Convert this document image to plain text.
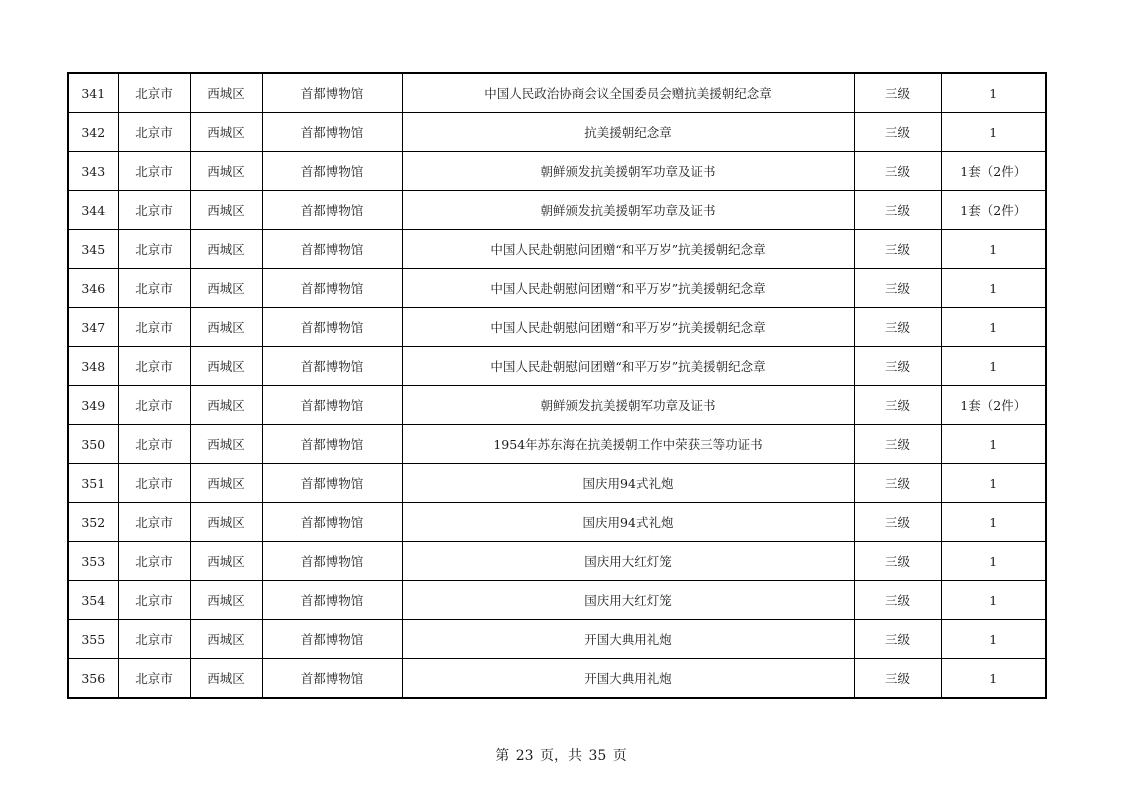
341	北京市	西城区	首都博物馆	中国人民政治协商会议全国委员会赠抗美援朝纪念章	三级	1
342	北京市	西城区	首都博物馆	抗美援朝纪念章	三级	1
343	北京市	西城区	首都博物馆	朝鲜颁发抗美援朝军功章及证书	三级	1套（2件）
344	北京市	西城区	首都博物馆	朝鲜颁发抗美援朝军功章及证书	三级	1套（2件）
345	北京市	西城区	首都博物馆	中国人民赴朝慰问团赠“和平万岁”抗美援朝纪念章	三级	1
346	北京市	西城区	首都博物馆	中国人民赴朝慰问团赠“和平万岁”抗美援朝纪念章	三级	1
347	北京市	西城区	首都博物馆	中国人民赴朝慰问团赠“和平万岁”抗美援朝纪念章	三级	1
348	北京市	西城区	首都博物馆	中国人民赴朝慰问团赠“和平万岁”抗美援朝纪念章	三级	1
349	北京市	西城区	首都博物馆	朝鲜颁发抗美援朝军功章及证书	三级	1套（2件）
350	北京市	西城区	首都博物馆	1954年苏东海在抗美援朝工作中荣获三等功证书	三级	1
351	北京市	西城区	首都博物馆	国庆用94式礼炮	三级	1
352	北京市	西城区	首都博物馆	国庆用94式礼炮	三级	1
353	北京市	西城区	首都博物馆	国庆用大红灯笼	三级	1
354	北京市	西城区	首都博物馆	国庆用大红灯笼	三级	1
355	北京市	西城区	首都博物馆	开国大典用礼炮	三级	1
356	北京市	西城区	首都博物馆	开国大典用礼炮	三级	1
第 23 页，共 35 页
